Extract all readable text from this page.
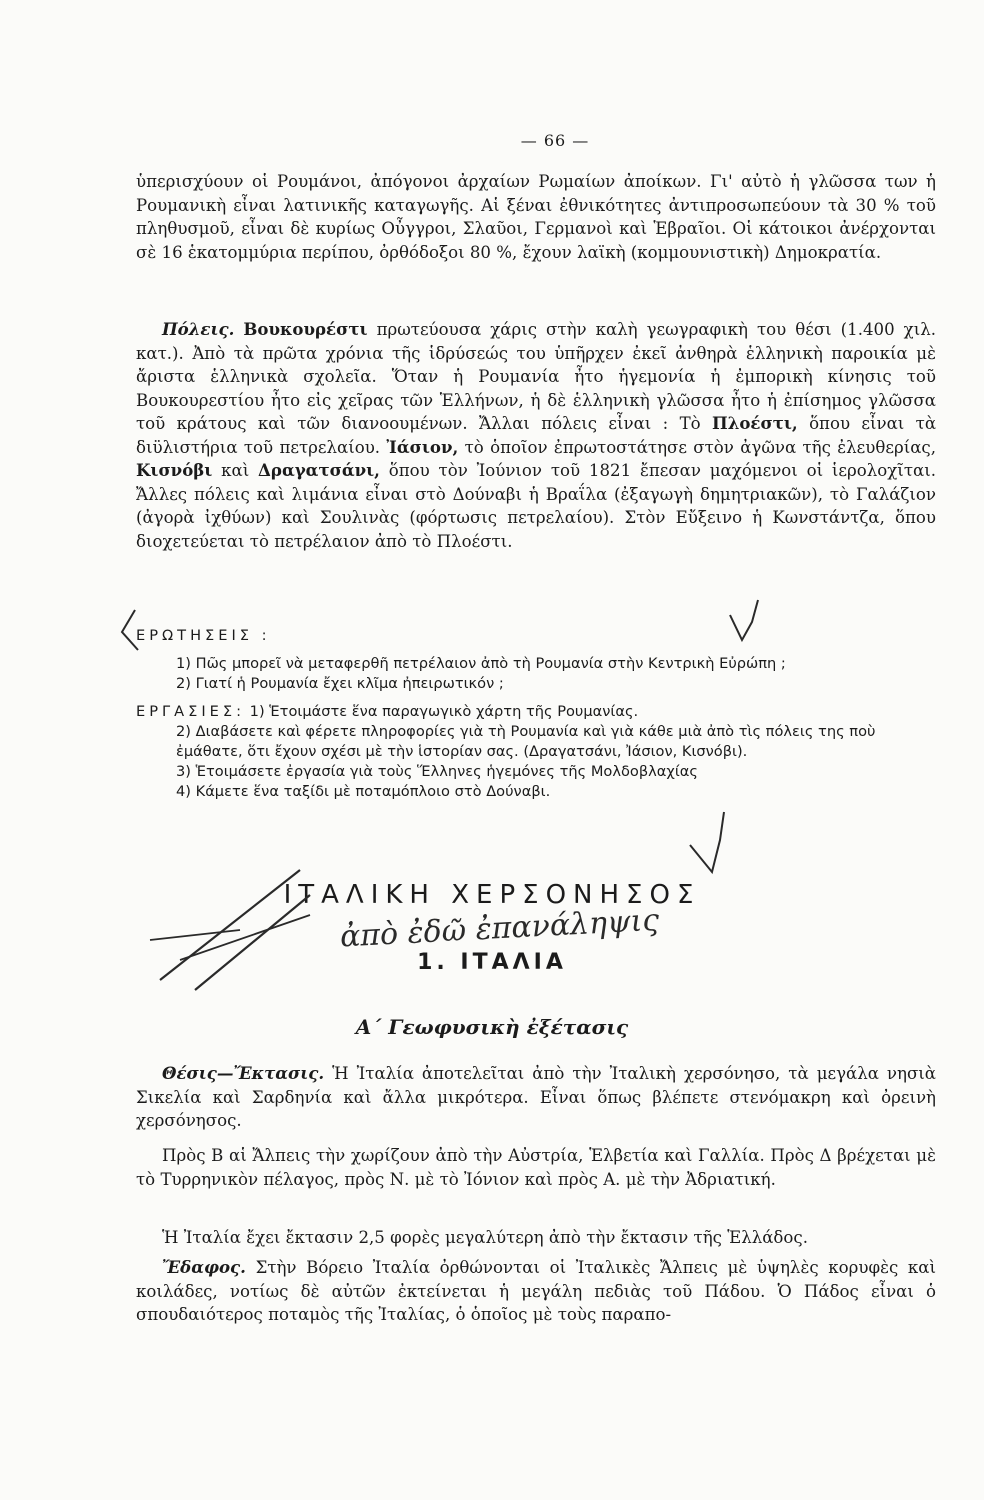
— 66 —

ὑπερισχύουν οἱ Ρουμάνοι, ἀπόγονοι ἀρχαίων Ρωμαίων ἀποίκων. Γι' αὐτὸ ἡ γλῶσσα των ἡ Ρουμανικὴ εἶναι λατινικῆς καταγωγῆς. Αἱ ξέναι ἐθνικότητες ἀντιπροσωπεύουν τὰ 30 % τοῦ πληθυσμοῦ, εἶναι δὲ κυρίως Οὖγγροι, Σλαῦοι, Γερμανοὶ καὶ Ἑβραῖοι. Οἱ κάτοικοι ἀνέρχονται σὲ 16 ἑκατομμύρια περίπου, ὀρθόδοξοι 80 %, ἔχουν λαϊκὴ (κομμουνιστικὴ) Δημοκρατία.

Πόλεις. Βουκουρέστι πρωτεύουσα χάρις στὴν καλὴ γεωγραφικὴ του θέσι (1.400 χιλ. κατ.). Ἀπὸ τὰ πρῶτα χρόνια τῆς ἱδρύσεώς του ὑπῆρχεν ἐκεῖ ἀνθηρὰ ἑλληνικὴ παροικία μὲ ἄριστα ἑλληνικὰ σχολεῖα. Ὅταν ἡ Ρουμανία ἦτο ἡγεμονία ἡ ἐμπορικὴ κίνησις τοῦ Βουκουρεστίου ἦτο εἰς χεῖρας τῶν Ἑλλήνων, ἡ δὲ ἑλληνικὴ γλῶσσα ἦτο ἡ ἐπίσημος γλῶσσα τοῦ κράτους καὶ τῶν διανοουμένων. Ἄλλαι πόλεις εἶναι : Τὸ Πλοέστι, ὅπου εἶναι τὰ διϋλιστήρια τοῦ πετρελαίου. Ἰάσιον, τὸ ὁποῖον ἐπρωτοστάτησε στὸν ἀγῶνα τῆς ἐλευθερίας, Κισνόβι καὶ Δραγατσάνι, ὅπου τὸν Ἰούνιον τοῦ 1821 ἔπεσαν μαχόμενοι οἱ ἱερολοχῖται. Ἄλλες πόλεις καὶ λιμάνια εἶναι στὸ Δούναβι ἡ Βραΐλα (ἐξαγωγὴ δημητριακῶν), τὸ Γαλάζιον (ἀγορὰ ἰχθύων) καὶ Σουλινὰς (φόρτωσις πετρελαίου). Στὸν Εὔξεινο ἡ Κωνστάντζα, ὅπου διοχετεύεται τὸ πετρέλαιον ἀπὸ τὸ Πλοέστι.

ΕΡΩΤΗΣΕΙΣ :
1) Πῶς μπορεῖ νὰ μεταφερθῆ πετρέλαιον ἀπὸ τὴ Ρουμανία στὴν Κεντρικὴ Εὐρώπη ;
2) Γιατί ἡ Ρουμανία ἔχει κλῖμα ἠπειρωτικόν ;
ΕΡΓΑΣΙΕΣ: 1) Ἑτοιμάστε ἕνα παραγωγικὸ χάρτη τῆς Ρουμανίας.
2) Διαβάσετε καὶ φέρετε πληροφορίες γιὰ τὴ Ρουμανία καὶ γιὰ κάθε μιὰ ἀπὸ τὶς πόλεις της ποὺ ἐμάθατε, ὅτι ἔχουν σχέσι μὲ τὴν ἱστορίαν σας. (Δραγατσάνι, Ἰάσιον, Κισνόβι).
3) Ἑτοιμάσετε ἐργασία γιὰ τοὺς Ἕλληνες ἡγεμόνες τῆς Μολδοβλαχίας
4) Κάμετε ἕνα ταξίδι μὲ ποταμόπλοιο στὸ Δούναβι.
ΙΤΑΛΙΚΗ ΧΕΡΣΟΝΗΣΟΣ
ἀπὸ ἐδῶ ἐπανάληψις
1. ΙΤΑΛΙΑ
Α΄ Γεωφυσικὴ ἐξέτασις

Θέσις—Ἔκτασις. Ἡ Ἰταλία ἀποτελεῖται ἀπὸ τὴν Ἰταλικὴ χερσόνησο, τὰ μεγάλα νησιὰ Σικελία καὶ Σαρδηνία καὶ ἄλλα μικρότερα. Εἶναι ὅπως βλέπετε στενόμακρη καὶ ὀρεινὴ χερσόνησος.

Πρὸς Β αἱ Ἄλπεις τὴν χωρίζουν ἀπὸ τὴν Αὐστρία, Ἑλβετία καὶ Γαλλία. Πρὸς Δ βρέχεται μὲ τὸ Τυρρηνικὸν πέλαγος, πρὸς Ν. μὲ τὸ Ἰόνιον καὶ πρὸς Α. μὲ τὴν Ἀδριατική.

Ἡ Ἰταλία ἔχει ἔκτασιν 2,5 φορὲς μεγαλύτερη ἀπὸ τὴν ἔκτασιν τῆς Ἑλλάδος.

Ἔδαφος. Στὴν Βόρειο Ἰταλία ὀρθώνονται οἱ Ἰταλικὲς Ἄλπεις μὲ ὑψηλὲς κορυφὲς καὶ κοιλάδες, νοτίως δὲ αὐτῶν ἐκτείνεται ἡ μεγάλη πεδιὰς τοῦ Πάδου. Ὁ Πάδος εἶναι ὁ σπουδαιότερος ποταμὸς τῆς Ἰταλίας, ὁ ὁποῖος μὲ τοὺς παραπο-
